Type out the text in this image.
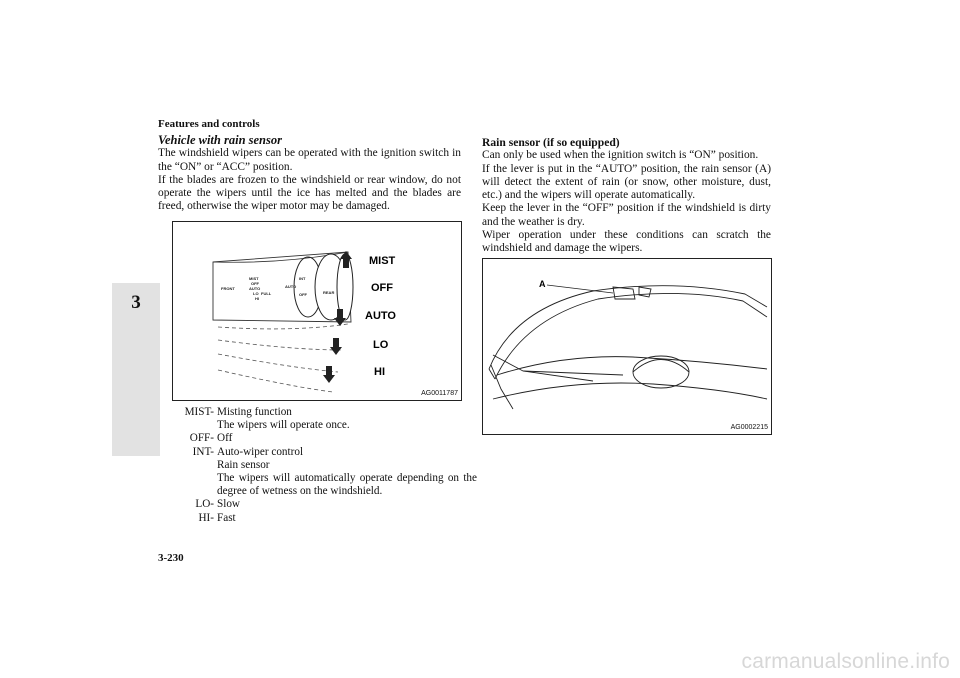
Features and controls
3
Vehicle with rain sensor
The windshield wipers can be operated with the ignition switch in the “ON” or “ACC” position.
If the blades are frozen to the windshield or rear window, do not operate the wipers until the ice has melted and the blades are freed, otherwise the wiper motor may be damaged.
MIST
OFF
AUTO
LO
HI
FRONT
MIST
OFF
AUTO
LO FULL
HI
INT
OFF
AUTO
REAR
AG0011787
MIST- Misting function
The wipers will operate once.
OFF- Off
INT- Auto-wiper control
Rain sensor
The wipers will automatically operate depending on the degree of wetness on the windshield.
LO- Slow
HI- Fast
Rain sensor (if so equipped)
Can only be used when the ignition switch is “ON” position.
If the lever is put in the “AUTO” position, the rain sensor (A) will detect the extent of rain (or snow, other moisture, dust, etc.) and the wipers will operate automatically.
Keep the lever in the “OFF” position if the windshield is dirty and the weather is dry.
Wiper operation under these conditions can scratch the windshield and damage the wipers.
A
AG0002215
3-230
carmanualsonline.info
